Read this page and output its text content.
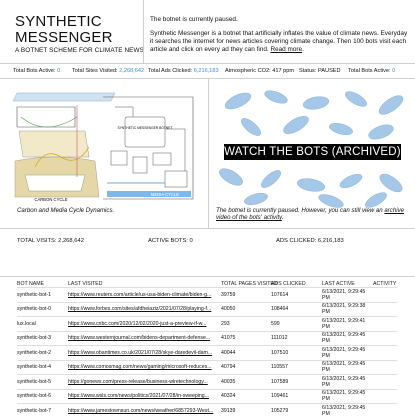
SYNTHETIC
MESSENGER
A BOTNET SCHEME FOR CLIMATE NEWS

The botnet is currently paused.

Synthetic Messenger is a botnet that artificially inflates the value of climate news. Everyday it searches the internet for news articles covering climate change. Then 100 bots visit each article and click on every ad they can find. Read more.

Total Bots Active: 0 Total Sites Visited: 2,268,642 Total Ads Clicked: 6,216,183 Atmospheric CO2: 417 ppm Status: PAUSED Total Bots Active: 0
SYNTHETIC MESSENGER BOTNET
MEDIA CYCLE
CARBON CYCLE
Carbon and Media Cycle Dynamics.
WATCH THE BOTS (ARCHIVED)
The botnet is currently paused. However, you can still view an archive video of the bots' activity.
TOTAL VISITS: 2,268,642	ACTIVE BOTS: 0	ADS CLICKED: 6,216,183
BOT NAME	LAST VISITED	TOTAL PAGES VISITED	ADS CLICKED	LAST ACTIVE	ACTIVITY
synthetic-bot-1	https://www.reuters.com/article/us-usa-biden-climate/biden-g...	39759	107614	6/13/2021, 9:29:45 PM	
synthetic-bot-0	https://www.forbes.com/sites/afdheiaziz/2021/07/28/playing-f...	40050	108464	6/13/2021, 9:29:38 PM	
lux.local	https://www.cnbc.com/2020/12/02/2020-just-a-preview-if-w...	293	599	6/13/2021, 9:29:41 PM	
synthetic-bot-3	https://www.westernjournal.com/bidens-department-defense...	41075	111012	6/13/2021, 9:29:45 PM	
synthetic-bot-2	https://www.obantimes.co.uk/2021/07/28/skye-daredevil-dam...	40044	107510	6/13/2021, 9:29:45 PM	
synthetic-bot-4	https://www.comosmag.com/news/gaming/microsoft-reduces...	40794	110557	6/13/2021, 9:29:45 PM	
synthetic-bot-5	https://gonews.com/press-release/business-wiretechnology...	40035	107589	6/13/2021, 9:29:45 PM	
synthetic-bot-6	https://www.wsls.com/news/politics/2021/07/28/in-sweeping...	40324	109461	6/13/2021, 9:29:45 PM	
synthetic-bot-7	https://www.jamestownsun.com/news/weather/6857293-West...	39139	105279	6/13/2021, 9:29:45 PM	
